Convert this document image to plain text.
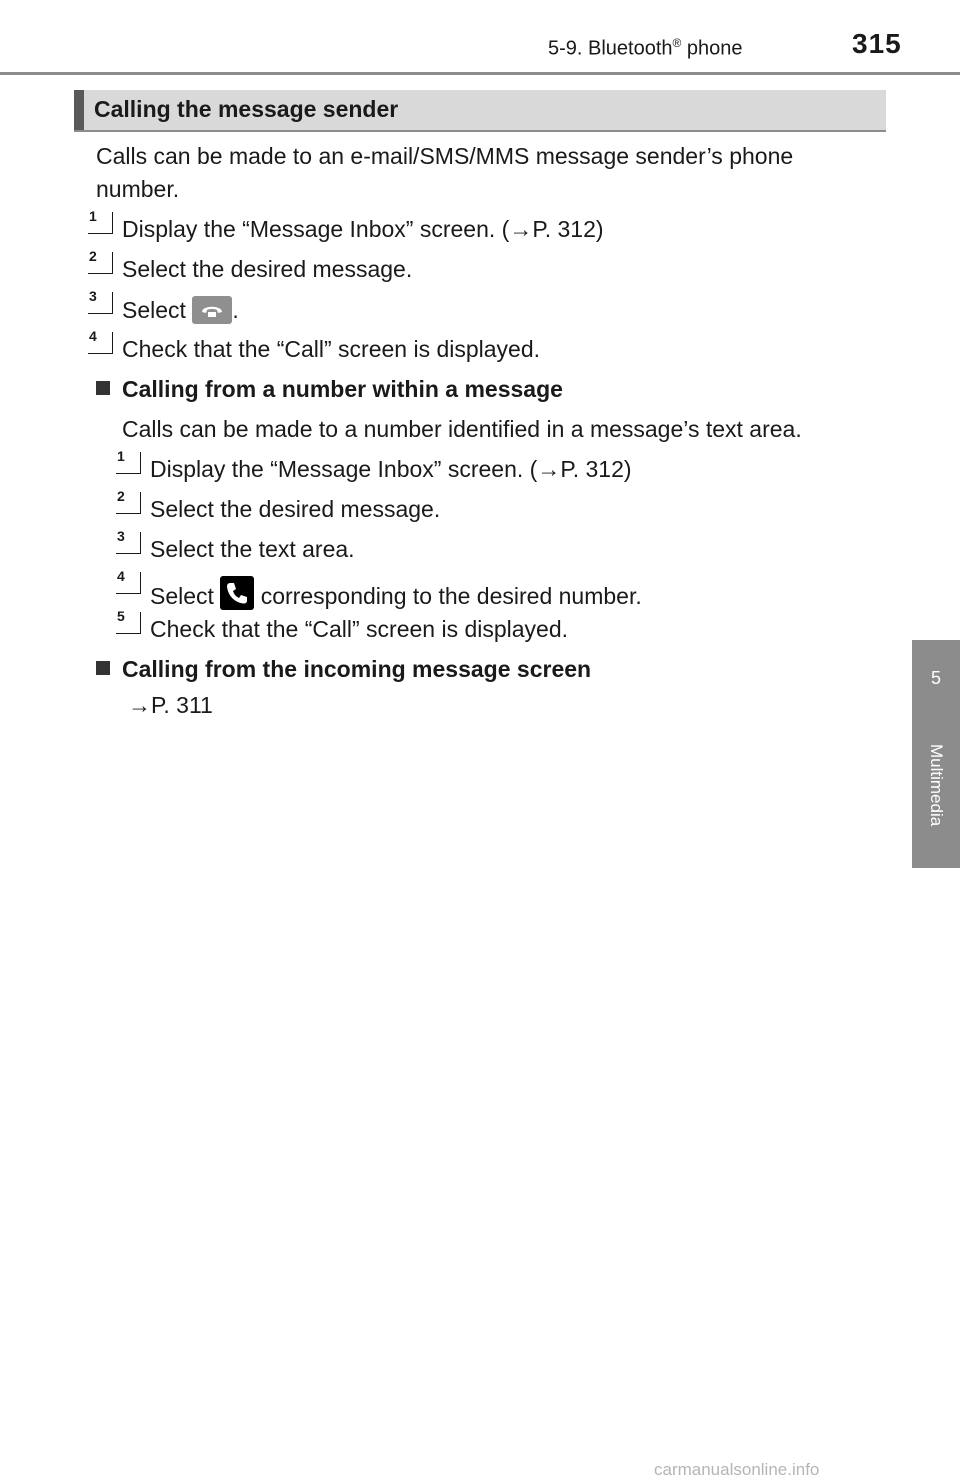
5-9. Bluetooth® phone	315
5
Multimedia
Calling the message sender
Calls can be made to an e-mail/SMS/MMS message sender’s phone
number.
1 Display the “Message Inbox” screen. (→P. 312)
2 Select the desired message.
3
Select .
4 Check that the “Call” screen is displayed.
Calling from a number within a message
Calls can be made to a number identified in a message’s text area.
1 Display the “Message Inbox” screen. (→P. 312)
2 Select the desired message.
3 Select the text area.
4
Select corresponding to the desired number.
5 Check that the “Call” screen is displayed.
Calling from the incoming message screen
→P. 311
carmanualsonline.info
